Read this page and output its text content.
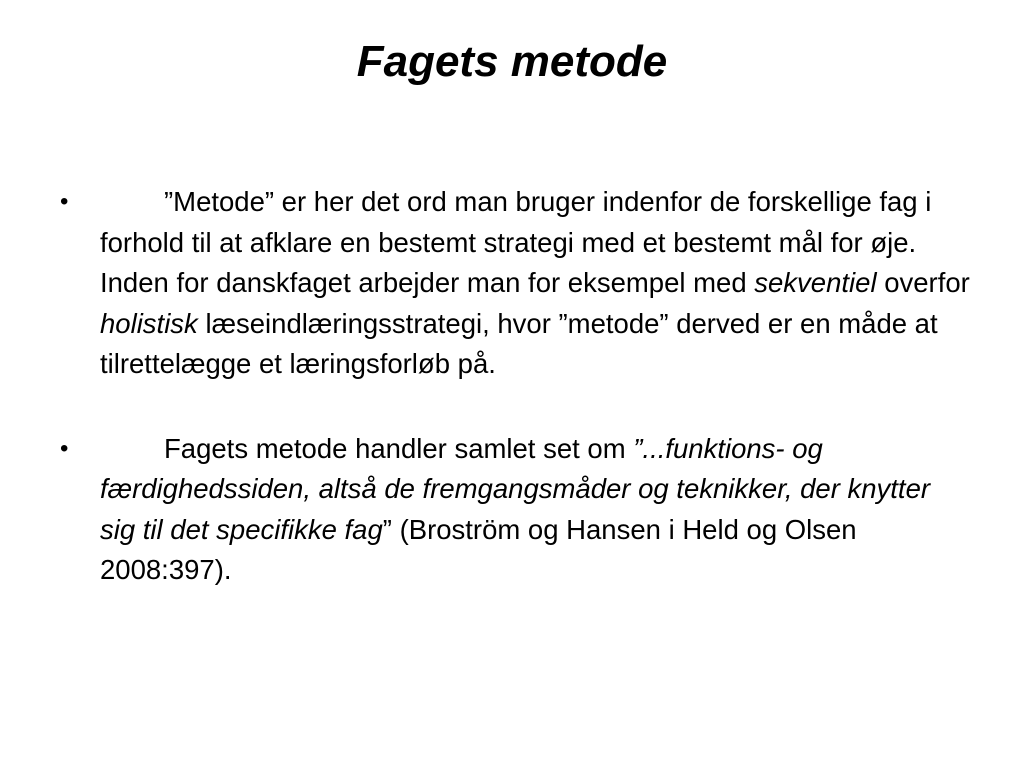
Fagets metode
•	”Metode” er her det ord man bruger indenfor de forskellige fag i forhold til at afklare en bestemt strategi med et bestemt mål for øje. Inden for danskfaget arbejder man for eksempel med sekventiel overfor holistisk læseindlæringsstrategi, hvor ”metode” derved er en måde at tilrettelægge et læringsforløb på.
•	Fagets metode handler samlet set om ”...funktions- og færdighedssiden, altså de fremgangsmåder og teknikker, der knytter sig til det specifikke fag” (Broström og Hansen i Held og Olsen 2008:397).
